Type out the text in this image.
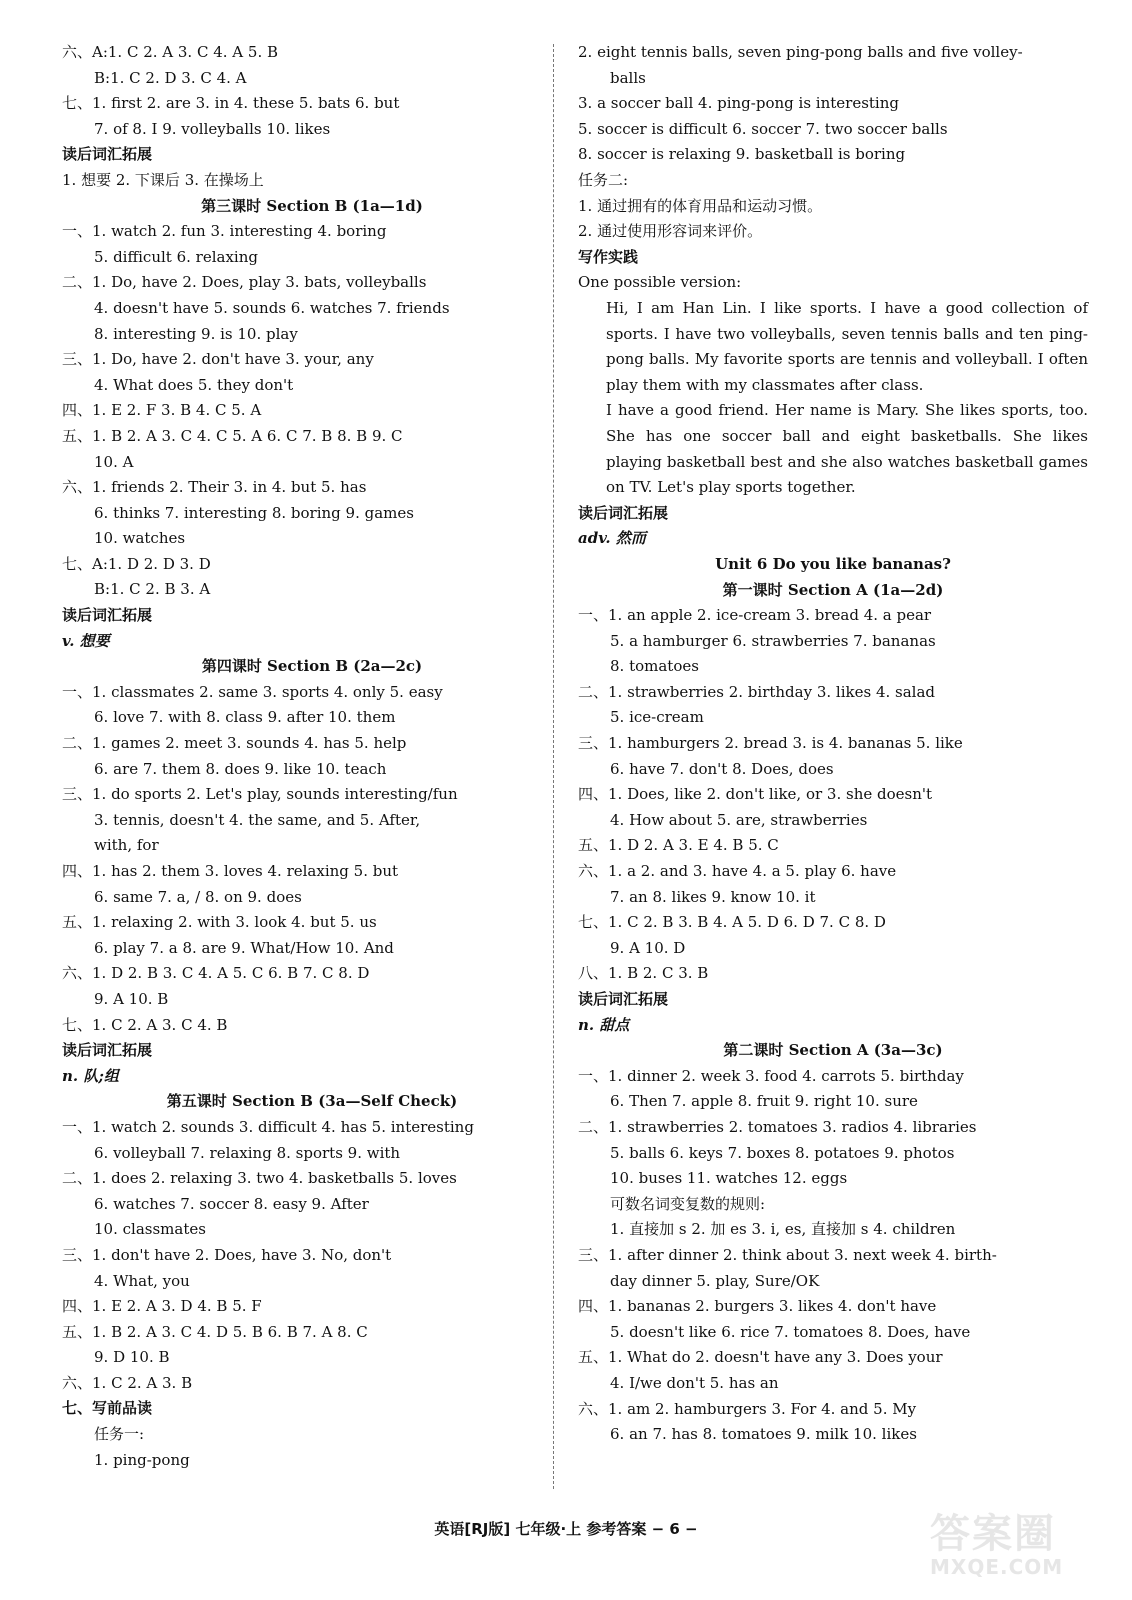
六、A:1. C 2. A 3. C 4. A 5. B
B:1. C 2. D 3. C 4. A
七、1. first 2. are 3. in 4. these 5. bats 6. but
7. of 8. I 9. volleyballs 10. likes
读后词汇拓展
1. 想要 2. 下课后 3. 在操场上
第三课时 Section B (1a—1d)
一、1. watch 2. fun 3. interesting 4. boring
5. difficult 6. relaxing
二、1. Do, have 2. Does, play 3. bats, volleyballs
4. doesn't have 5. sounds 6. watches 7. friends
8. interesting 9. is 10. play
三、1. Do, have 2. don't have 3. your, any
4. What does 5. they don't
四、1. E 2. F 3. B 4. C 5. A
五、1. B 2. A 3. C 4. C 5. A 6. C 7. B 8. B 9. C
10. A
六、1. friends 2. Their 3. in 4. but 5. has
6. thinks 7. interesting 8. boring 9. games
10. watches
七、A:1. D 2. D 3. D
B:1. C 2. B 3. A
读后词汇拓展
v. 想要
第四课时 Section B (2a—2c)
一、1. classmates 2. same 3. sports 4. only 5. easy
6. love 7. with 8. class 9. after 10. them
二、1. games 2. meet 3. sounds 4. has 5. help
6. are 7. them 8. does 9. like 10. teach
三、1. do sports 2. Let's play, sounds interesting/fun
3. tennis, doesn't 4. the same, and 5. After,
with, for
四、1. has 2. them 3. loves 4. relaxing 5. but
6. same 7. a, / 8. on 9. does
五、1. relaxing 2. with 3. look 4. but 5. us
6. play 7. a 8. are 9. What/How 10. And
六、1. D 2. B 3. C 4. A 5. C 6. B 7. C 8. D
9. A 10. B
七、1. C 2. A 3. C 4. B
读后词汇拓展
n. 队;组
第五课时 Section B (3a—Self Check)
一、1. watch 2. sounds 3. difficult 4. has 5. interesting
6. volleyball 7. relaxing 8. sports 9. with
二、1. does 2. relaxing 3. two 4. basketballs 5. loves
6. watches 7. soccer 8. easy 9. After
10. classmates
三、1. don't have 2. Does, have 3. No, don't
4. What, you
四、1. E 2. A 3. D 4. B 5. F
五、1. B 2. A 3. C 4. D 5. B 6. B 7. A 8. C
9. D 10. B
六、1. C 2. A 3. B
七、写前品读
任务一:
1. ping-pong
2. eight tennis balls, seven ping-pong balls and five volley-
balls
3. a soccer ball 4. ping-pong is interesting
5. soccer is difficult 6. soccer 7. two soccer balls
8. soccer is relaxing 9. basketball is boring
任务二:
1. 通过拥有的体育用品和运动习惯。
2. 通过使用形容词来评价。
写作实践
One possible version:
Hi, I am Han Lin. I like sports. I have a good collection of sports. I have two volleyballs, seven tennis balls and ten ping-pong balls. My favorite sports are tennis and volleyball. I often play them with my classmates after class.
I have a good friend. Her name is Mary. She likes sports, too. She has one soccer ball and eight basketballs. She likes playing basketball best and she also watches basketball games on TV. Let's play sports together.
读后词汇拓展
adv. 然而
Unit 6 Do you like bananas?
第一课时 Section A (1a—2d)
一、1. an apple 2. ice-cream 3. bread 4. a pear
5. a hamburger 6. strawberries 7. bananas
8. tomatoes
二、1. strawberries 2. birthday 3. likes 4. salad
5. ice-cream
三、1. hamburgers 2. bread 3. is 4. bananas 5. like
6. have 7. don't 8. Does, does
四、1. Does, like 2. don't like, or 3. she doesn't
4. How about 5. are, strawberries
五、1. D 2. A 3. E 4. B 5. C
六、1. a 2. and 3. have 4. a 5. play 6. have
7. an 8. likes 9. know 10. it
七、1. C 2. B 3. B 4. A 5. D 6. D 7. C 8. D
9. A 10. D
八、1. B 2. C 3. B
读后词汇拓展
n. 甜点
第二课时 Section A (3a—3c)
一、1. dinner 2. week 3. food 4. carrots 5. birthday
6. Then 7. apple 8. fruit 9. right 10. sure
二、1. strawberries 2. tomatoes 3. radios 4. libraries
5. balls 6. keys 7. boxes 8. potatoes 9. photos
10. buses 11. watches 12. eggs
可数名词变复数的规则:
1. 直接加 s 2. 加 es 3. i, es, 直接加 s 4. children
三、1. after dinner 2. think about 3. next week 4. birth-
day dinner 5. play, Sure/OK
四、1. bananas 2. burgers 3. likes 4. don't have
5. doesn't like 6. rice 7. tomatoes 8. Does, have
五、1. What do 2. doesn't have any 3. Does your
4. I/we don't 5. has an
六、1. am 2. hamburgers 3. For 4. and 5. My
6. an 7. has 8. tomatoes 9. milk 10. likes
英语[RJ版] 七年级·上 参考答案 − 6 −	答案圈
MXQE.COM
